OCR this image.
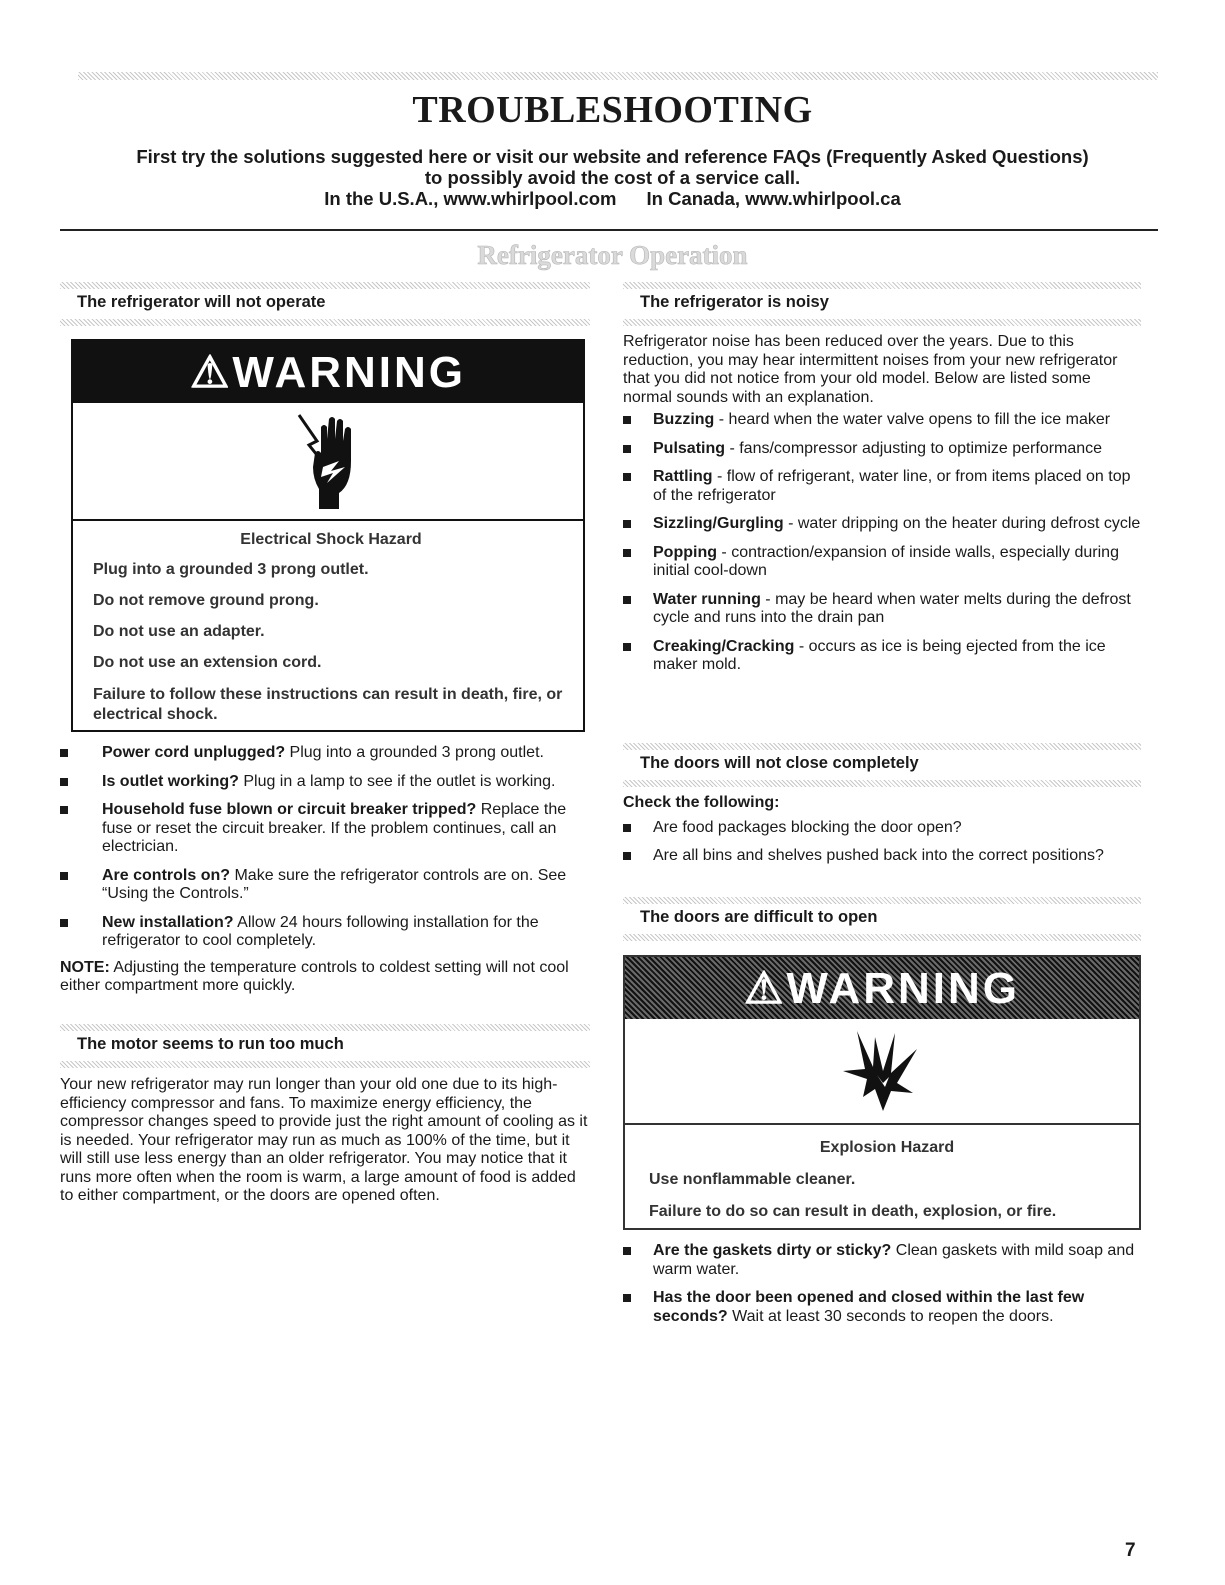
TROUBLESHOOTING
First try the solutions suggested here or visit our website and reference FAQs (Frequently Asked Questions)
to possibly avoid the cost of a service call.
In the U.S.A., www.whirlpool.com In Canada, www.whirlpool.ca
Refrigerator Operation
The refrigerator will not operate
⚠WARNING
Electrical Shock Hazard

Plug into a grounded 3 prong outlet.

Do not remove ground prong.

Do not use an adapter.

Do not use an extension cord.

Failure to follow these instructions can result in death, fire, or electrical shock.

Power cord unplugged? Plug into a grounded 3 prong outlet.
Is outlet working? Plug in a lamp to see if the outlet is working.
Household fuse blown or circuit breaker tripped? Replace the fuse or reset the circuit breaker. If the problem continues, call an electrician.
Are controls on? Make sure the refrigerator controls are on. See “Using the Controls.”
New installation? Allow 24 hours following installation for the refrigerator to cool completely.

NOTE: Adjusting the temperature controls to coldest setting will not cool either compartment more quickly.

The motor seems to run too much

Your new refrigerator may run longer than your old one due to its high-efficiency compressor and fans. To maximize energy efficiency, the compressor changes speed to provide just the right amount of cooling as it is needed. Your refrigerator may run as much as 100% of the time, but it will still use less energy than an older refrigerator. You may notice that it runs more often when the room is warm, a large amount of food is added to either compartment, or the doors are opened often.

The refrigerator is noisy

Refrigerator noise has been reduced over the years. Due to this reduction, you may hear intermittent noises from your new refrigerator that you did not notice from your old model. Below are listed some normal sounds with an explanation.

Buzzing - heard when the water valve opens to fill the ice maker
Pulsating - fans/compressor adjusting to optimize performance
Rattling - flow of refrigerant, water line, or from items placed on top of the refrigerator
Sizzling/Gurgling - water dripping on the heater during defrost cycle
Popping - contraction/expansion of inside walls, especially during initial cool-down
Water running - may be heard when water melts during the defrost cycle and runs into the drain pan
Creaking/Cracking - occurs as ice is being ejected from the ice maker mold.
The doors will not close completely

Check the following:

Are food packages blocking the door open?
Are all bins and shelves pushed back into the correct positions?
The doors are difficult to open
⚠WARNING
Explosion Hazard

Use nonflammable cleaner.

Failure to do so can result in death, explosion, or fire.

Are the gaskets dirty or sticky? Clean gaskets with mild soap and warm water.
Has the door been opened and closed within the last few seconds? Wait at least 30 seconds to reopen the doors.
7
